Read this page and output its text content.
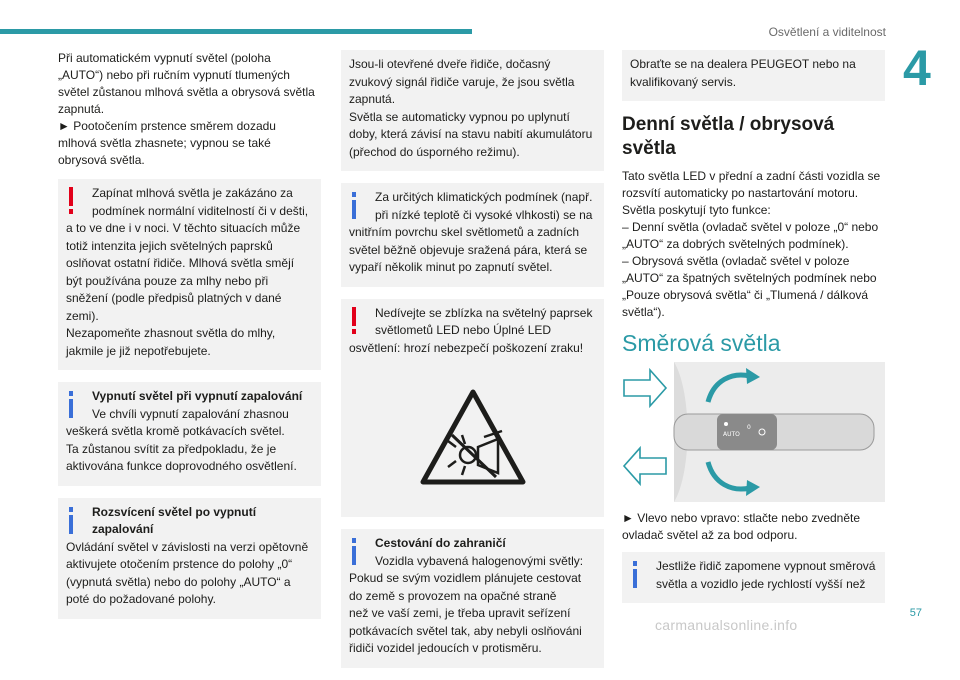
Osvětlení a viditelnost
4
Při automatickém vypnutí světel (poloha
„AUTO“) nebo při ručním vypnutí tlumených
světel zůstanou mlhová světla a obrysová světla
zapnutá.
► Pootočením prstence směrem dozadu
mlhová světla zhasnete; vypnou se také
obrysová světla.
Zapínat mlhová světla je zakázáno za
podmínek normální viditelností či v dešti,
a to ve dne i v noci. V těchto situacích může
totiž intenzita jejich světelných paprsků
oslňovat ostatní řidiče. Mlhová světla smějí
být používána pouze za mlhy nebo při
sněžení (podle předpisů platných v dané
zemi).
Nezapomeňte zhasnout světla do mlhy,
jakmile je již nepotřebujete.
Vypnutí světel při vypnutí zapalování
Ve chvíli vypnutí zapalování zhasnou
veškerá světla kromě potkávacích světel.
Ta zůstanou svítit za předpokladu, že je
aktivována funkce doprovodného osvětlení.
Rozsvícení světel po vypnutí
zapalování
Ovládání světel v závislosti na verzi opětovně
aktivujete otočením prstence do polohy „0“
(vypnutá světla) nebo do polohy „AUTO“ a
poté do požadované polohy.
Jsou-li otevřené dveře řidiče, dočasný
zvukový signál řidiče varuje, že jsou světla
zapnutá.
Světla se automaticky vypnou po uplynutí
doby, která závisí na stavu nabití akumulátoru
(přechod do úsporného režimu).
Za určitých klimatických podmínek (např.
při nízké teplotě či vysoké vlhkosti) se na
vnitřním povrchu skel světlometů a zadních
světel běžně objevuje sražená pára, která se
vypaří několik minut po zapnutí světel.
Nedívejte se zblízka na světelný paprsek
světlometů LED nebo Úplné LED
osvětlení: hrozí nebezpečí poškození zraku!
Cestování do zahraničí
Vozidla vybavená halogenovými světly:
Pokud se svým vozidlem plánujete cestovat
do země s provozem na opačné straně
než ve vaší zemi, je třeba upravit seřízení
potkávacích světel tak, aby nebyli oslňováni
řidiči vozidel jedoucích v protisměru.
Obraťte se na dealera PEUGEOT nebo na
kvalifikovaný servis.
Denní světla / obrysová
světla
Tato světla LED v přední a zadní části vozidla se
rozsvítí automaticky po nastartování motoru.
Světla poskytují tyto funkce:
– Denní světla (ovladač světel v poloze „0“ nebo
„AUTO“ za dobrých světelných podmínek).
– Obrysová světla (ovladač světel v poloze
„AUTO“ za špatných světelných podmínek nebo
„Pouze obrysová světla“ či „Tlumená / dálková
světla“).
Směrová světla
AUTO
0
► Vlevo nebo vpravo: stlačte nebo zvedněte
ovladač světel až za bod odporu.
Jestliže řidič zapomene vypnout směrová
světla a vozidlo jede rychlostí vyšší než
57
carmanualsonline.info
